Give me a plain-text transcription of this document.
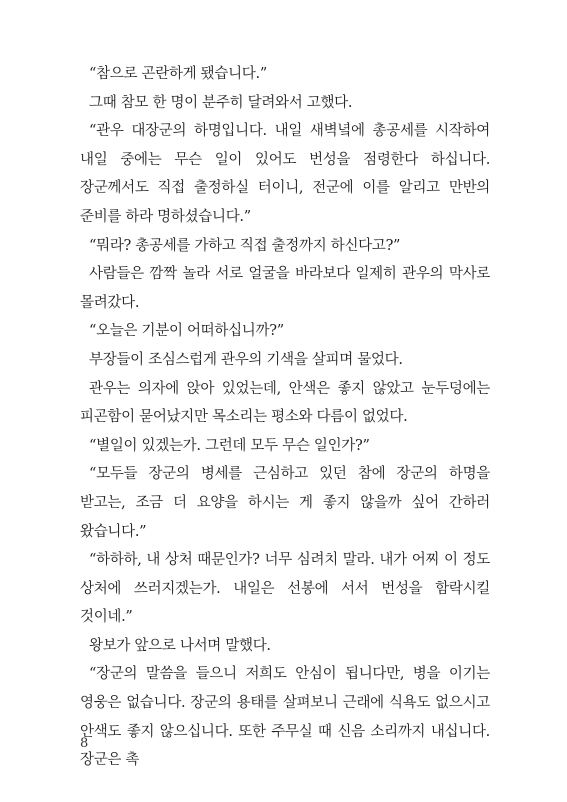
“참으로 곤란하게 됐습니다.”

그때 참모 한 명이 분주히 달려와서 고했다.

“관우 대장군의 하명입니다. 내일 새벽녘에 총공세를 시작하여 내일 중에는 무슨 일이 있어도 번성을 점령한다 하십니다. 장군께서도 직접 출정하실 터이니, 전군에 이를 알리고 만반의 준비를 하라 명하셨습니다.”

“뭐라? 총공세를 가하고 직접 출정까지 하신다고?”

사람들은 깜짝 놀라 서로 얼굴을 바라보다 일제히 관우의 막사로 몰려갔다.

“오늘은 기분이 어떠하십니까?”

부장들이 조심스럽게 관우의 기색을 살피며 물었다.

관우는 의자에 앉아 있었는데, 안색은 좋지 않았고 눈두덩에는 피곤함이 묻어났지만 목소리는 평소와 다름이 없었다.

“별일이 있겠는가. 그런데 모두 무슨 일인가?”

“모두들 장군의 병세를 근심하고 있던 참에 장군의 하명을 받고는, 조금 더 요양을 하시는 게 좋지 않을까 싶어 간하러 왔습니다.”

“하하하, 내 상처 때문인가? 너무 심려치 말라. 내가 어찌 이 정도 상처에 쓰러지겠는가. 내일은 선봉에 서서 번성을 함락시킬 것이네.”

왕보가 앞으로 나서며 말했다.

“장군의 말씀을 들으니 저희도 안심이 됩니다만, 병을 이기는 영웅은 없습니다. 장군의 용태를 살펴보니 근래에 식욕도 없으시고 안색도 좋지 않으십니다. 또한 주무실 때 신음 소리까지 내십니다. 장군은 촉

8
